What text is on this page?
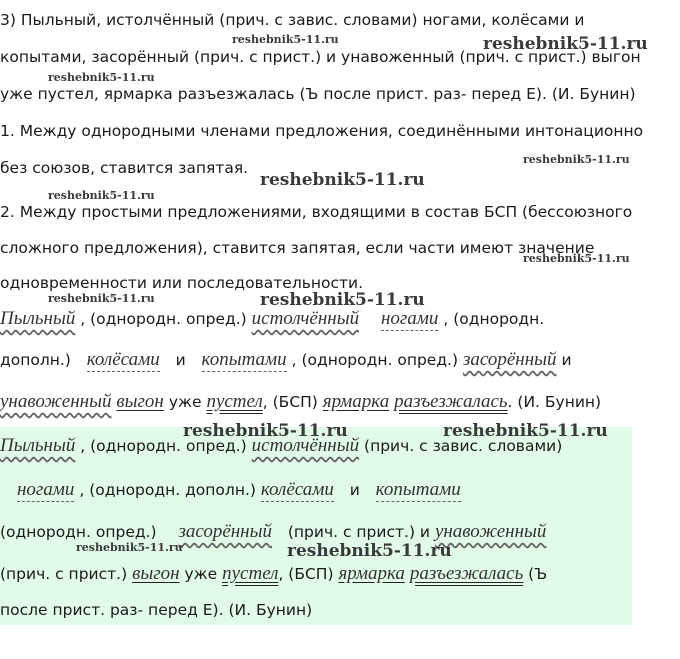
3) Пыльный, истолчённый (прич. с завис. словами) ногами, колёсами и
копытами, засорённый (прич. с прист.) и унавоженный (прич. с прист.) выгон
уже пустел, ярмарка разъезжалась (Ъ после прист. раз- перед Е). (И. Бунин)
1. Между однородными членами предложения, соединёнными интонационно
без союзов, ставится запятая.
2. Между простыми предложениями, входящими в состав БСП (бессоюзного
сложного предложения), ставится запятая, если части имеют значение
одновременности или последовательности.
Пыльный , (однородн. опред.) истолчённый ногами , (однородн.
дополн.) колёсами и копытами , (однородн. опред.) засорённый и
унавоженный выгон уже пустел, (БСП) ярмарка разъезжалась. (И. Бунин)
Пыльный , (однородн. опред.) истолчённый (прич. с завис. словами)
ногами , (однородн. дополн.) колёсами и копытами
(однородн. опред.) засорённый (прич. с прист.) и унавоженный
(прич. с прист.) выгон уже пустел, (БСП) ярмарка разъезжалась (Ъ
после прист. раз- перед Е). (И. Бунин)
reshebnik5-11.ru	reshebnik5-11.ru
reshebnik5-11.ru
reshebnik5-11.ru
reshebnik5-11.ru
reshebnik5-11.ru
reshebnik5-11.ru
reshebnik5-11.ru	reshebnik5-11.ru
reshebnik5-11.ru	reshebnik5-11.ru
reshebnik5-11.ru	reshebnik5-11.ru
